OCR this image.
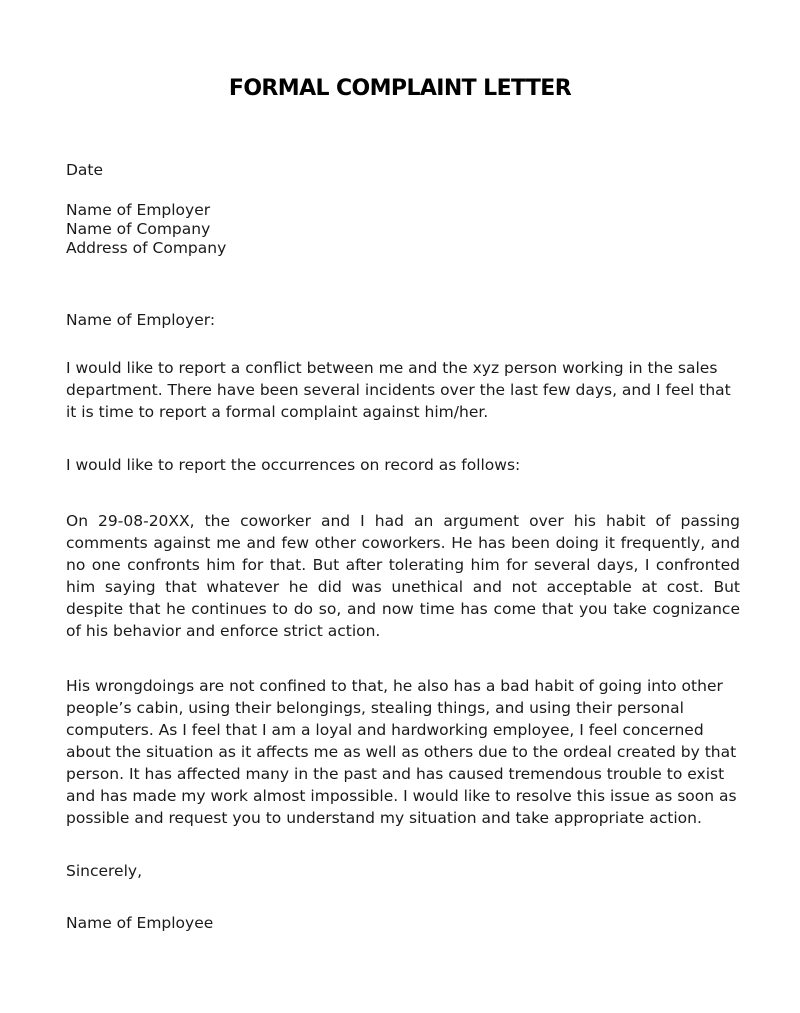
FORMAL COMPLAINT LETTER

Date

Name of Employer

Name of Company

Address of Company

Name of Employer:

I would like to report a conflict between me and the xyz person working in the sales department. There have been several incidents over the last few days, and I feel that it is time to report a formal complaint against him/her.

I would like to report the occurrences on record as follows:

On 29-08-20XX, the coworker and I had an argument over his habit of passing comments against me and few other coworkers. He has been doing it frequently, and no one confronts him for that. But after tolerating him for several days, I confronted him saying that whatever he did was unethical and not acceptable at cost. But despite that he continues to do so, and now time has come that you take cognizance of his behavior and enforce strict action.

His wrongdoings are not confined to that, he also has a bad habit of going into other people’s cabin, using their belongings, stealing things, and using their personal computers. As I feel that I am a loyal and hardworking employee, I feel concerned about the situation as it affects me as well as others due to the ordeal created by that person. It has affected many in the past and has caused tremendous trouble to exist and has made my work almost impossible. I would like to resolve this issue as soon as possible and request you to understand my situation and take appropriate action.

Sincerely,

Name of Employee
